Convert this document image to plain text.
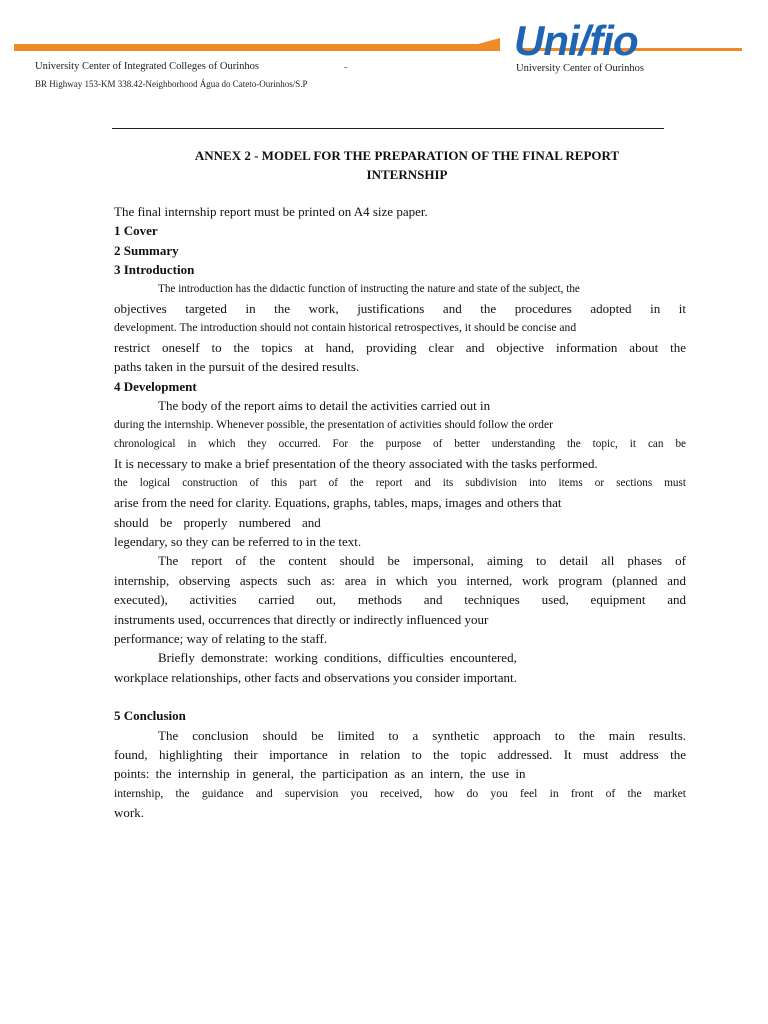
Uni/fio
University Center of Integrated Colleges of Ourinhos
BR Highway 153-KM 338.42-Neighborhood Água do Cateto-Ourinhos/S.P
-	University Center of Ourinhos
ANNEX 2 - MODEL FOR THE PREPARATION OF THE FINAL REPORT
INTERNSHIP

The final internship report must be printed on A4 size paper.

1 Cover

2 Summary

3 Introduction

The introduction has the didactic function of instructing the nature and state of the subject, the

objectives targeted in the work, justifications and the procedures adopted in it

development. The introduction should not contain historical retrospectives, it should be concise and

restrict oneself to the topics at hand, providing clear and objective information about the

paths taken in the pursuit of the desired results.

4 Development

The body of the report aims to detail the activities carried out in

during the internship. Whenever possible, the presentation of activities should follow the order

chronological in which they occurred. For the purpose of better understanding the topic, it can be

It is necessary to make a brief presentation of the theory associated with the tasks performed.

the logical construction of this part of the report and its subdivision into items or sections must

arise from the need for clarity. Equations, graphs, tables, maps, images and others that

should be properly numbered and

legendary, so they can be referred to in the text.

The report of the content should be impersonal, aiming to detail all phases of

internship, observing aspects such as: area in which you interned, work program (planned and

executed), activities carried out, methods and techniques used, equipment and

instruments used, occurrences that directly or indirectly influenced your

performance; way of relating to the staff.

Briefly demonstrate: working conditions, difficulties encountered,

workplace relationships, other facts and observations you consider important.

5 Conclusion

The conclusion should be limited to a synthetic approach to the main results.

found, highlighting their importance in relation to the topic addressed. It must address the

points: the internship in general, the participation as an intern, the use in

internship, the guidance and supervision you received, how do you feel in front of the market

work.
